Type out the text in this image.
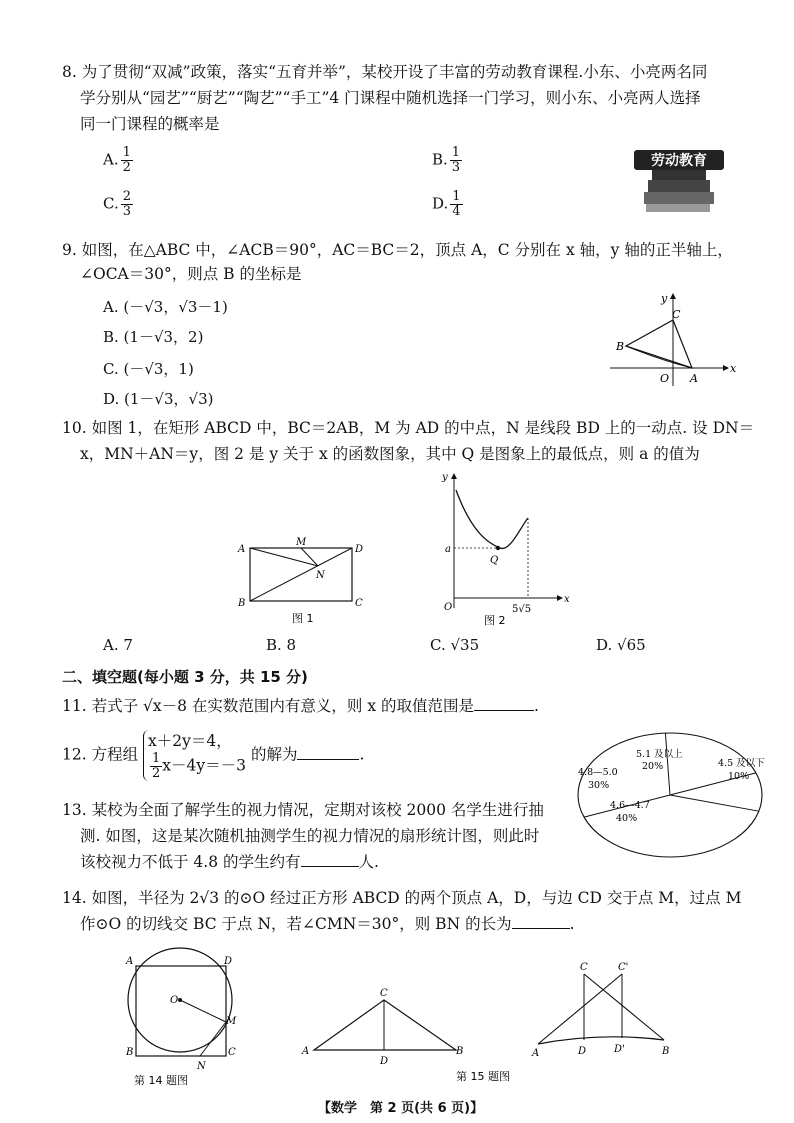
8. 为了贯彻“双减”政策，落实“五育并举”，某校开设了丰富的劳动教育课程.小东、小亮两名同
学分别从“园艺”“厨艺”“陶艺”“手工”4 门课程中随机选择一门学习，则小东、小亮两人选择
同一门课程的概率是
A. $\frac{1}{2}$	B. $\frac{1}{3}$
C. $\frac{2}{3}$	D. $\frac{1}{4}$
劳动教育
9. 如图，在△ABC 中，∠ACB＝90°，AC＝BC＝2，顶点 A，C 分别在 x 轴，y 轴的正半轴上，
∠OCA＝30°，则点 B 的坐标是
A. (－√3，√3－1)
B. (1－√3，2)
C. (－√3，1)
D. (1－√3，√3)
y
x
C
B
O A
10. 如图 1，在矩形 ABCD 中，BC＝2AB，M 为 AD 的中点，N 是线段 BD 上的一动点. 设 DN＝
x，MN＋AN＝y，图 2 是 y 关于 x 的函数图象，其中 Q 是图象上的最低点，则 a 的值为
A
M
D
N
B	C
图 1
y
a
Q
O	5√5
x
图 2
A. 7	B. 8	C. √35	D. √65
二、填空题(每小题 3 分，共 15 分)
11. 若式子 √x－8 在实数范围内有意义，则 x 的取值范围是	.
12. 方程组
x＋2y＝4，
$\frac{1}{2} x-4y=-3$
的解为	.
13. 某校为全面了解学生的视力情况，定期对该校 2000 名学生进行抽
测. 如图，这是某次随机抽测学生的视力情况的扇形统计图，则此时
该校视力不低于 4.8 的学生约有	人.
5.1 及以上
20%	4.5 及以下
10%
4.6—4.7
40%
4.8—5.0
30%
14. 如图，半径为 2√3 的⊙O 经过正方形 ABCD 的两个顶点 A，D，与边 CD 交于点 M，过点 M
作⊙O 的切线交 BC 于点 N，若∠CMN＝30°，则 BN 的长为	.
A	D
O
M
B
N
C
第 14 题图
C
A
D
B
第 15 题图
C	C'
A	D	D'	B
【数学　第 2 页(共 6 页)】
